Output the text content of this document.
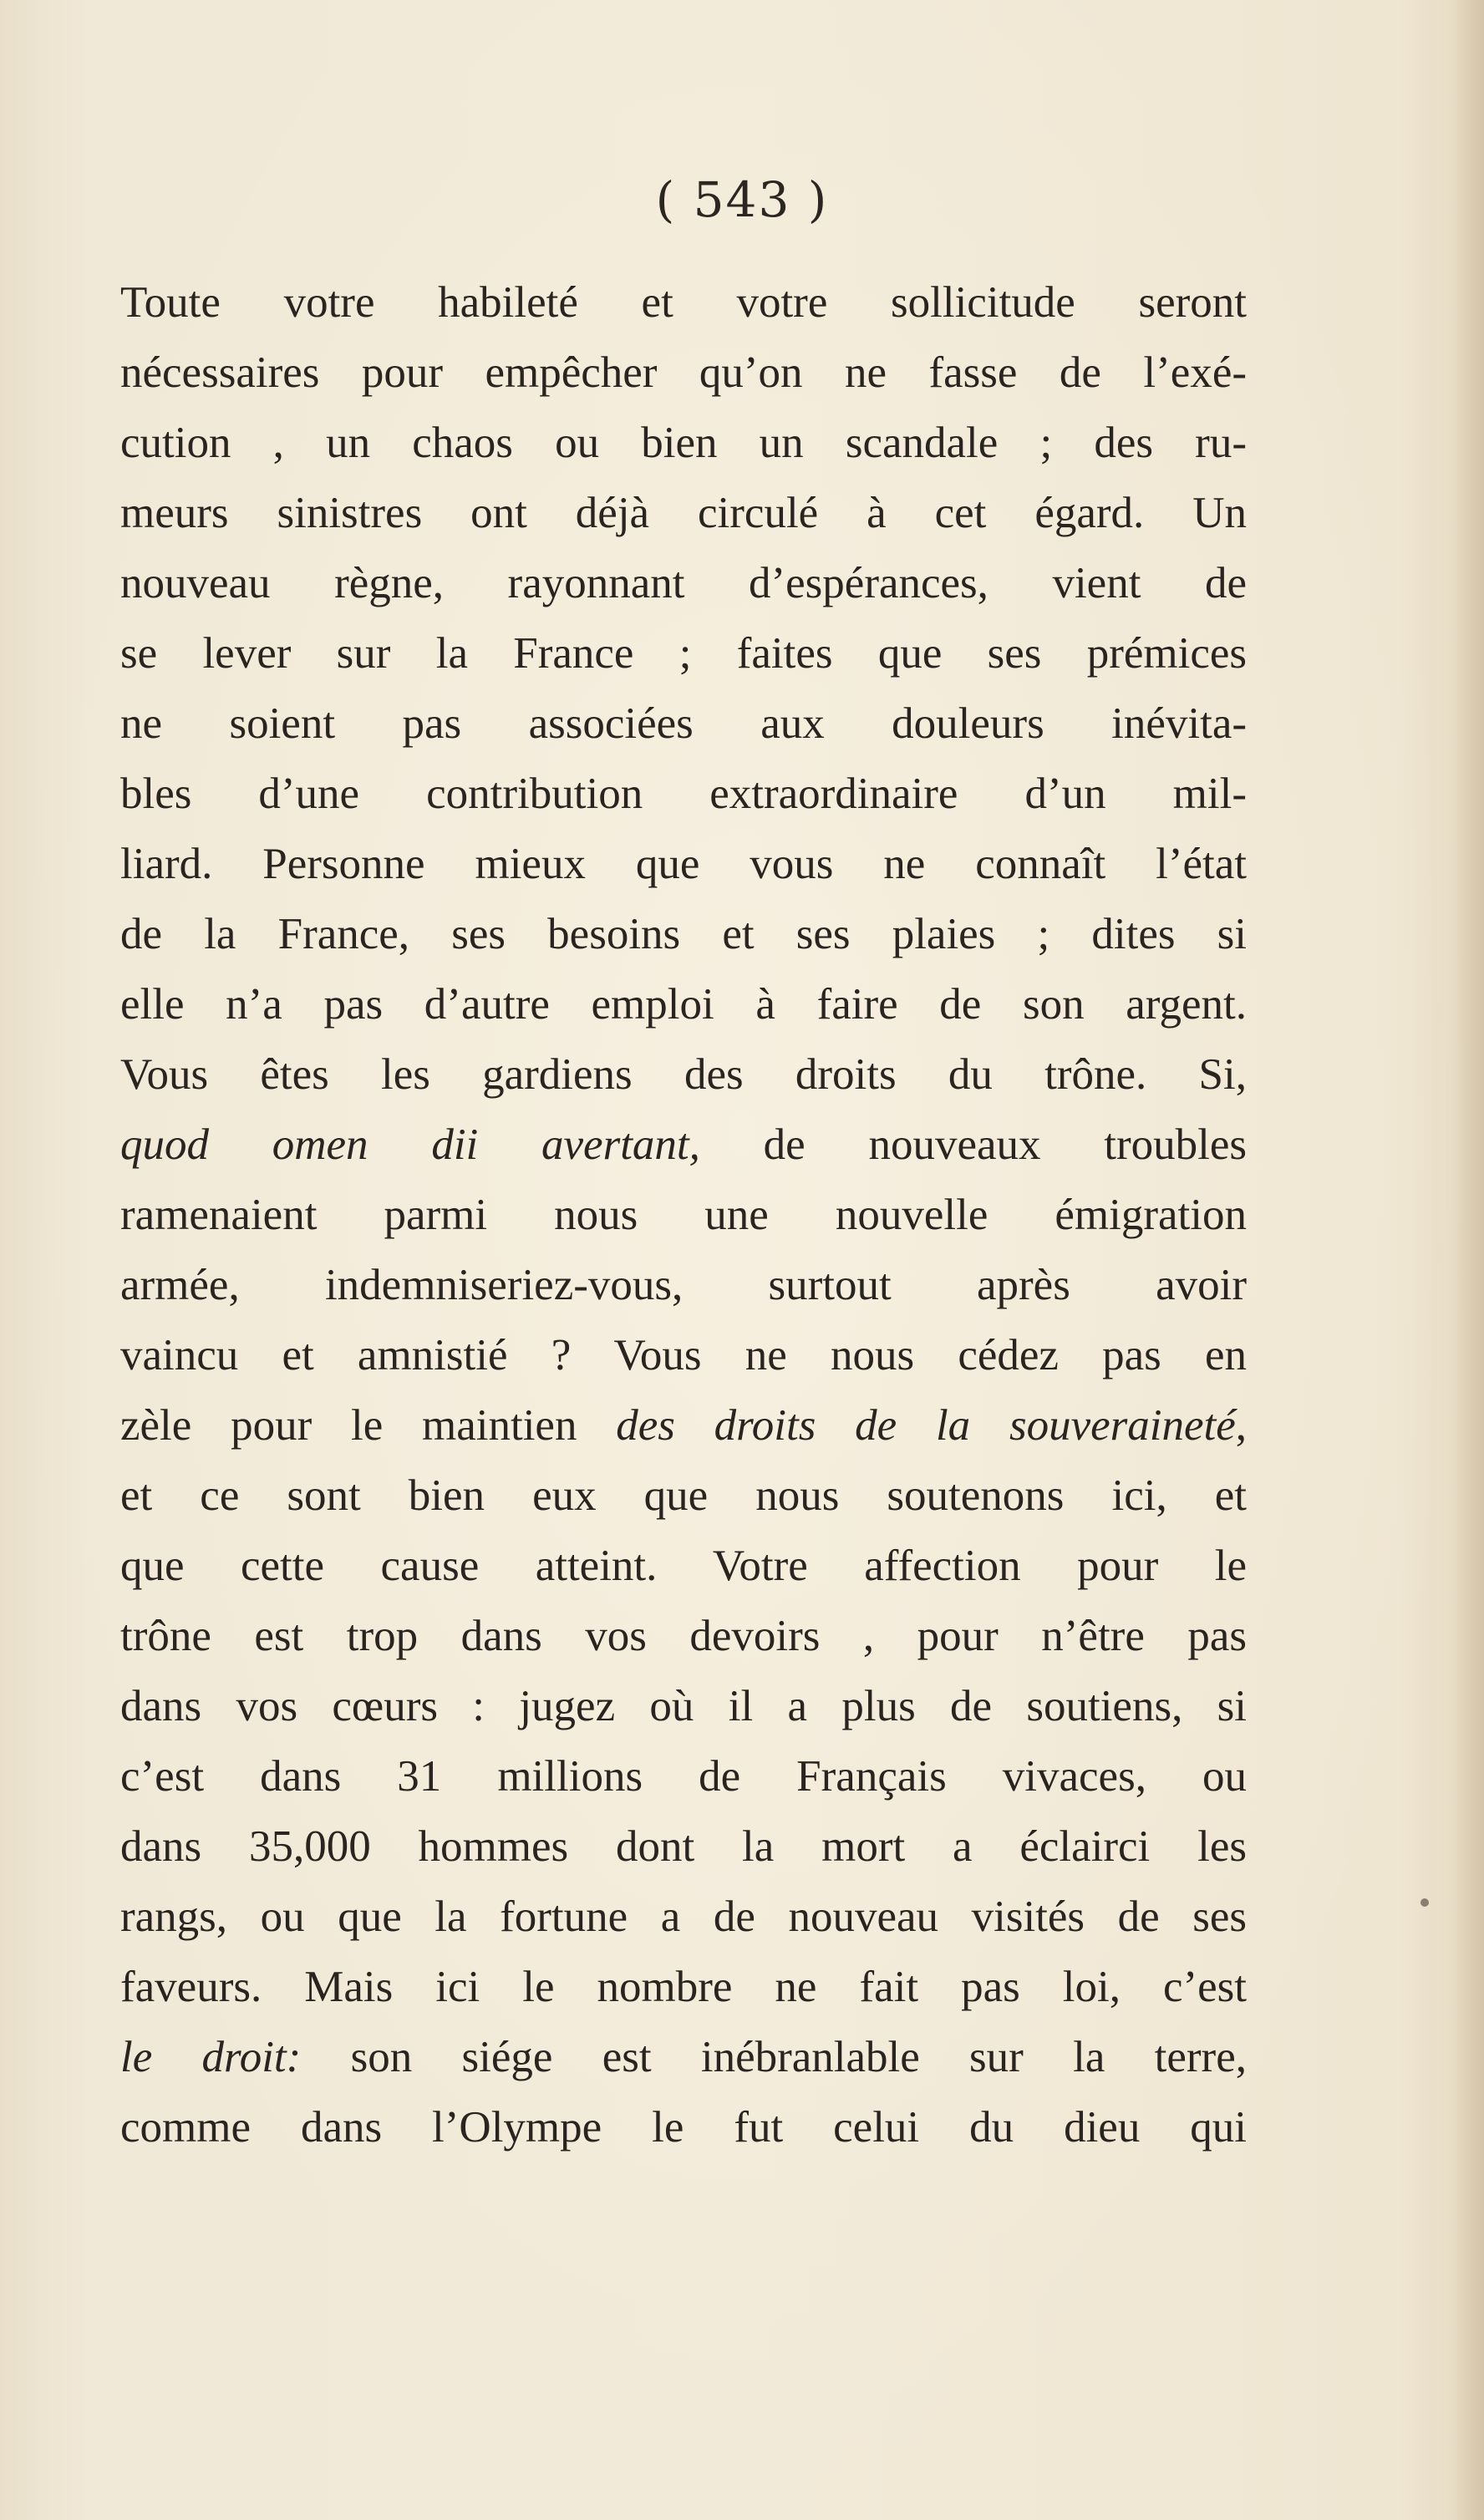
( 543 )
Toute votre habileté et votre sollicitude seront
nécessaires pour empêcher qu’on ne fasse de l’exé-
cution , un chaos ou bien un scandale ; des ru-
meurs sinistres ont déjà circulé à cet égard. Un
nouveau règne, rayonnant d’espérances, vient de
se lever sur la France ; faites que ses prémices
ne soient pas associées aux douleurs inévita-
bles d’une contribution extraordinaire d’un mil-
liard. Personne mieux que vous ne connaît l’état
de la France, ses besoins et ses plaies ; dites si
elle n’a pas d’autre emploi à faire de son argent.
Vous êtes les gardiens des droits du trône. Si,
quod omen dii avertant, de nouveaux troubles
ramenaient parmi nous une nouvelle émigration
armée, indemniseriez-vous, surtout après avoir
vaincu et amnistié ? Vous ne nous cédez pas en
zèle pour le maintien des droits de la souveraineté,
et ce sont bien eux que nous soutenons ici, et
que cette cause atteint. Votre affection pour le
trône est trop dans vos devoirs , pour n’être pas
dans vos cœurs : jugez où il a plus de soutiens, si
c’est dans 31 millions de Français vivaces, ou
dans 35,000 hommes dont la mort a éclairci les
rangs, ou que la fortune a de nouveau visités de ses
faveurs. Mais ici le nombre ne fait pas loi, c’est
le droit: son siége est inébranlable sur la terre,
comme dans l’Olympe le fut celui du dieu qui
